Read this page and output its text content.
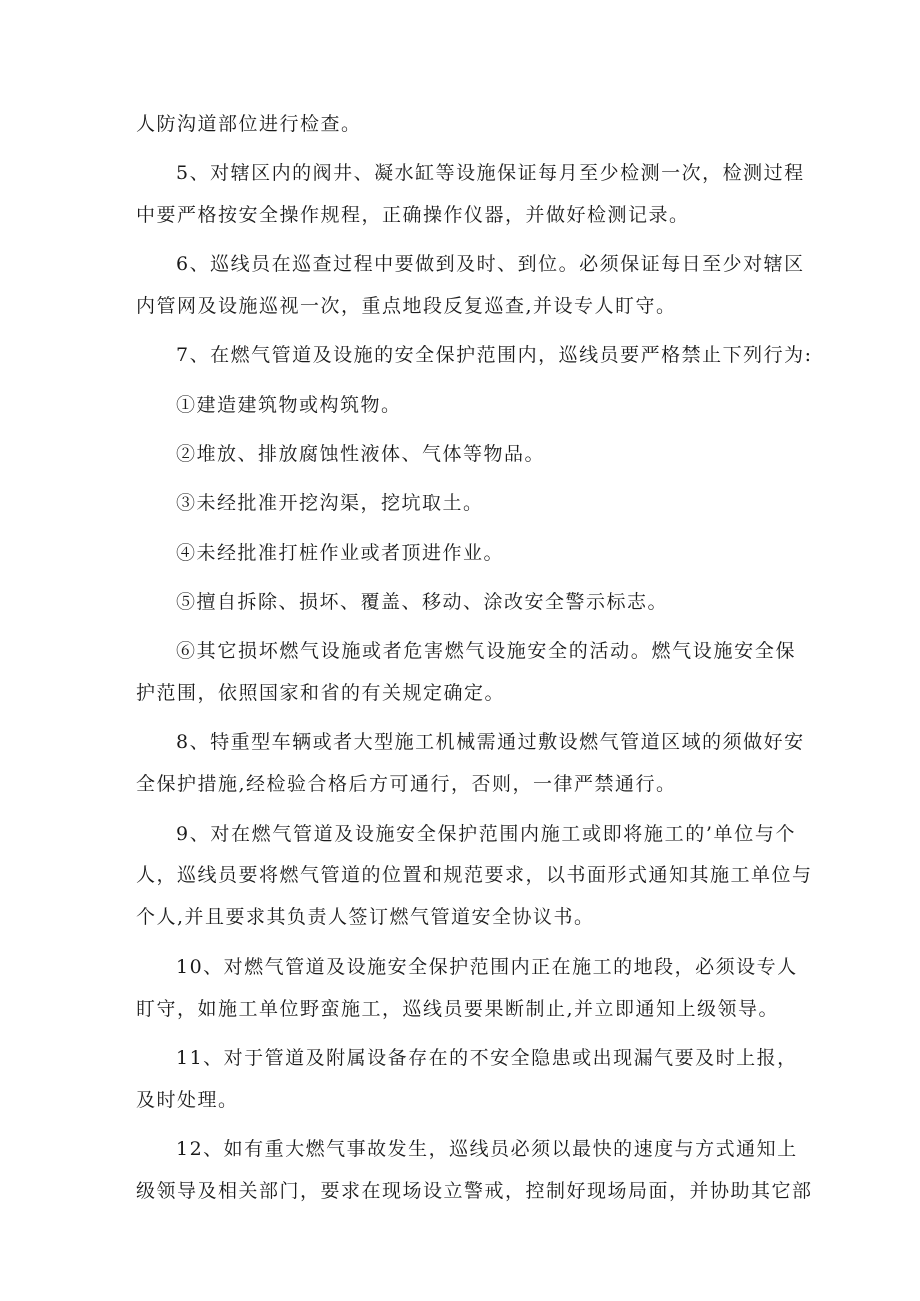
人防沟道部位进行检查。
5、对辖区内的阀井、凝水缸等设施保证每月至少检测一次，检测过程
中要严格按安全操作规程，正确操作仪器，并做好检测记录。
6、巡线员在巡查过程中要做到及时、到位。必须保证每日至少对辖区
内管网及设施巡视一次，重点地段反复巡查,并设专人盯守。
7、在燃气管道及设施的安全保护范围内，巡线员要严格禁止下列行为:
①建造建筑物或构筑物。
②堆放、排放腐蚀性液体、气体等物品。
③未经批准开挖沟渠，挖坑取土。
④未经批准打桩作业或者顶进作业。
⑤擅自拆除、损坏、覆盖、移动、涂改安全警示标志。
⑥其它损坏燃气设施或者危害燃气设施安全的活动。燃气设施安全保
护范围，依照国家和省的有关规定确定。
8、特重型车辆或者大型施工机械需通过敷设燃气管道区域的须做好安
全保护措施,经检验合格后方可通行，否则，一律严禁通行。
9、对在燃气管道及设施安全保护范围内施工或即将施工的’单位与个
人，巡线员要将燃气管道的位置和规范要求，以书面形式通知其施工单位与
个人,并且要求其负责人签订燃气管道安全协议书。
10、对燃气管道及设施安全保护范围内正在施工的地段，必须设专人
盯守，如施工单位野蛮施工，巡线员要果断制止,并立即通知上级领导。
11、对于管道及附属设备存在的不安全隐患或出现漏气要及时上报，
及时处理。
12、如有重大燃气事故发生，巡线员必须以最快的速度与方式通知上
级领导及相关部门，要求在现场设立警戒，控制好现场局面，并协助其它部
